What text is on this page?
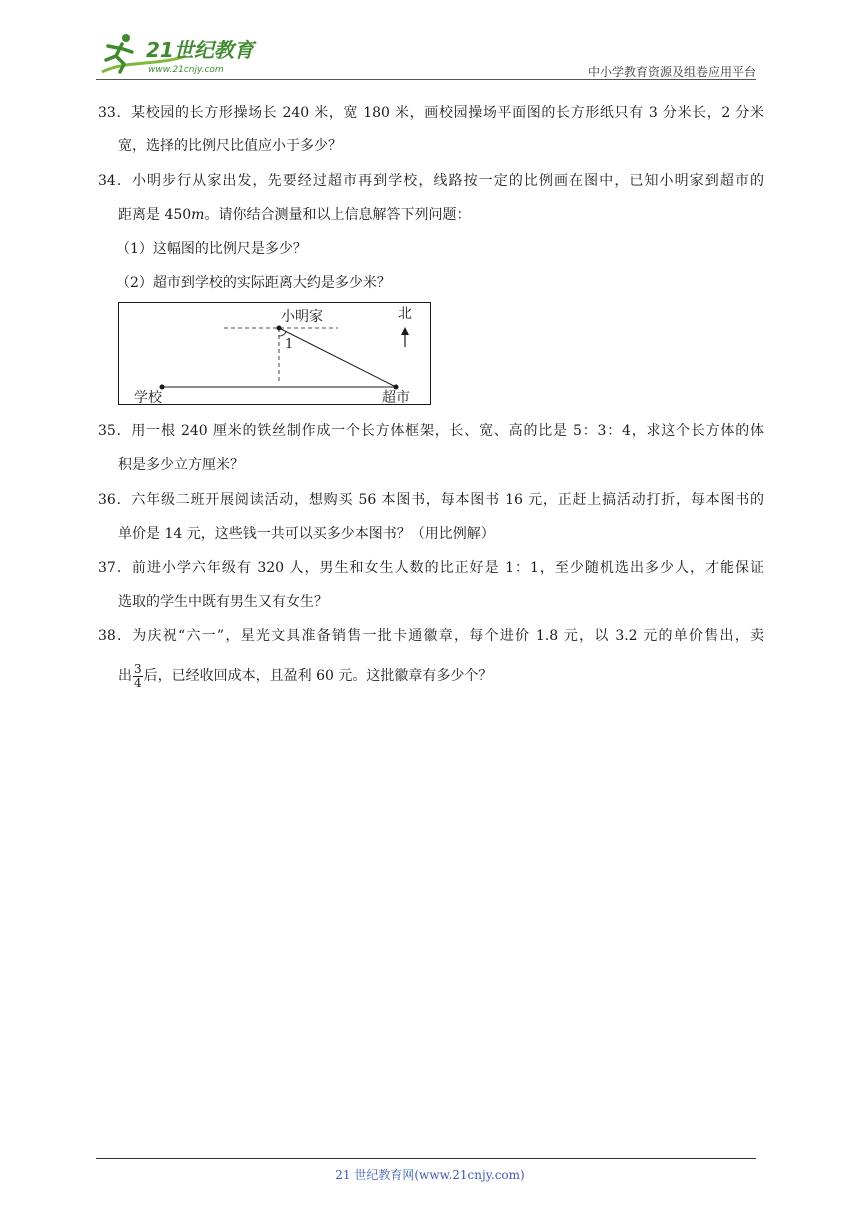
21世纪教育
www.21cnjy.com	中小学教育资源及组卷应用平台
33．某校园的长方形操场长 240 米，宽 180 米，画校园操场平面图的长方形纸只有 3 分米长，2 分米
宽，选择的比例尺比值应小于多少？
34．小明步行从家出发，先要经过超市再到学校，线路按一定的比例画在图中，已知小明家到超市的
距离是 450m。请你结合测量和以上信息解答下列问题：
（1）这幅图的比例尺是多少？
（2）超市到学校的实际距离大约是多少米？
小明家	北
1
学校	超市
35．用一根 240 厘米的铁丝制作成一个长方体框架，长、宽、高的比是 5：3：4，求这个长方体的体
积是多少立方厘米？
36．六年级二班开展阅读活动，想购买 56 本图书，每本图书 16 元，正赶上搞活动打折，每本图书的
单价是 14 元，这些钱一共可以买多少本图书？（用比例解）
37．前进小学六年级有 320 人，男生和女生人数的比正好是 1：1，至少随机选出多少人，才能保证
选取的学生中既有男生又有女生？
38．为庆祝“六一”，星光文具准备销售一批卡通徽章，每个进价 1.8 元，以 3.2 元的单价售出，卖
出 $\frac{3}{4}$ 后，已经收回成本，且盈利 60 元。这批徽章有多少个？
21 世纪教育网(www.21cnjy.com)
